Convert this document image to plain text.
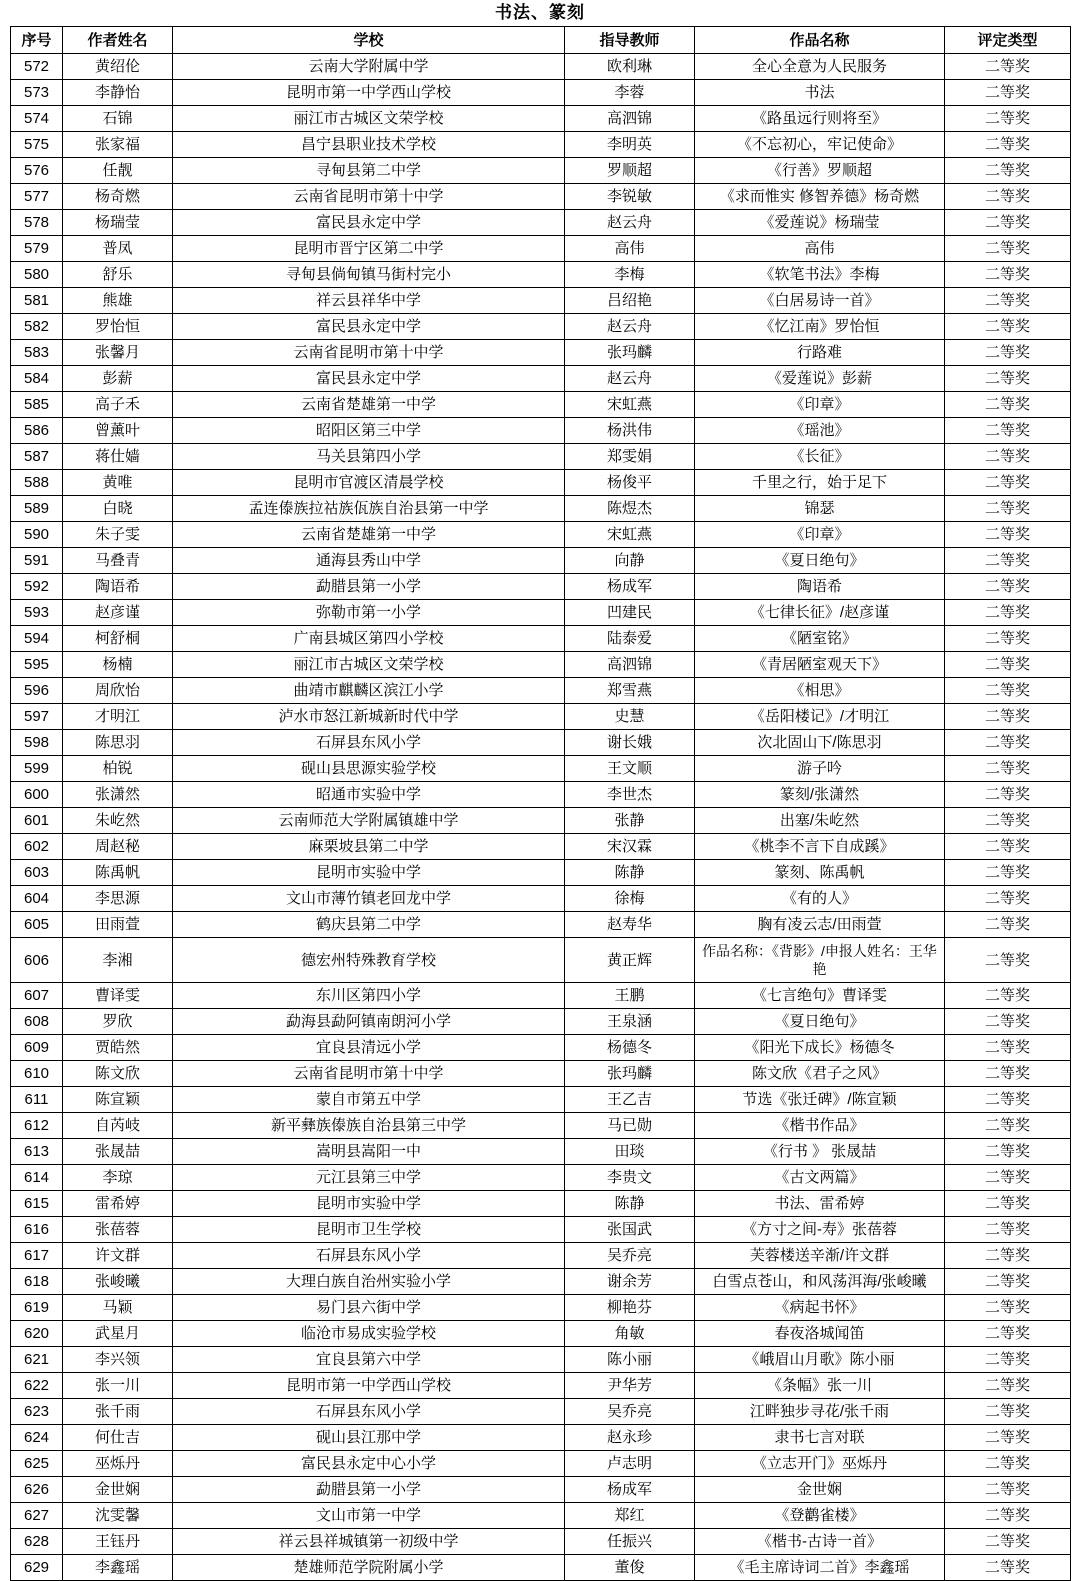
书法、篆刻
序号	作者姓名	学校	指导教师	作品名称	评定类型
572	黄绍伦	云南大学附属中学	欧利琳	全心全意为人民服务	二等奖
573	李静怡	昆明市第一中学西山学校	李蓉	书法	二等奖
574	石锦	丽江市古城区文荣学校	高泗锦	《路虽远行则将至》	二等奖
575	张家福	昌宁县职业技术学校	李明英	《不忘初心，牢记使命》	二等奖
576	任靓	寻甸县第二中学	罗顺超	《行善》罗顺超	二等奖
577	杨奇燃	云南省昆明市第十中学	李锐敏	《求而惟实 修智养德》杨奇燃	二等奖
578	杨瑞莹	富民县永定中学	赵云舟	《爱莲说》杨瑞莹	二等奖
579	普凤	昆明市晋宁区第二中学	高伟	高伟	二等奖
580	舒乐	寻甸县倘甸镇马街村完小	李梅	《软笔书法》李梅	二等奖
581	熊雄	祥云县祥华中学	吕绍艳	《白居易诗一首》	二等奖
582	罗怡恒	富民县永定中学	赵云舟	《忆江南》罗怡恒	二等奖
583	张馨月	云南省昆明市第十中学	张玛麟	行路难	二等奖
584	彭薪	富民县永定中学	赵云舟	《爱莲说》彭薪	二等奖
585	高子禾	云南省楚雄第一中学	宋虹燕	《印章》	二等奖
586	曾薰叶	昭阳区第三中学	杨洪伟	《瑶池》	二等奖
587	蒋仕嫱	马关县第四小学	郑雯娟	《长征》	二等奖
588	黄唯	昆明市官渡区清晨学校	杨俊平	千里之行，始于足下	二等奖
589	白晓	孟连傣族拉祜族佤族自治县第一中学	陈煜杰	锦瑟	二等奖
590	朱子雯	云南省楚雄第一中学	宋虹燕	《印章》	二等奖
591	马叠青	通海县秀山中学	向静	《夏日绝句》	二等奖
592	陶语希	勐腊县第一小学	杨成军	陶语希	二等奖
593	赵彦谨	弥勒市第一小学	凹建民	《七律长征》/赵彦谨	二等奖
594	柯舒桐	广南县城区第四小学校	陆泰爱	《陋室铭》	二等奖
595	杨楠	丽江市古城区文荣学校	高泗锦	《青居陋室观天下》	二等奖
596	周欣怡	曲靖市麒麟区滨江小学	郑雪燕	《相思》	二等奖
597	才明江	泸水市怒江新城新时代中学	史慧	《岳阳楼记》/才明江	二等奖
598	陈思羽	石屏县东风小学	谢长娥	次北固山下/陈思羽	二等奖
599	柏锐	砚山县思源实验学校	王文顺	游子吟	二等奖
600	张潇然	昭通市实验中学	李世杰	篆刻/张潇然	二等奖
601	朱屹然	云南师范大学附属镇雄中学	张静	出塞/朱屹然	二等奖
602	周赵秘	麻栗坡县第二中学	宋汉霖	《桃李不言下自成蹊》	二等奖
603	陈禹帆	昆明市实验中学	陈静	篆刻、陈禹帆	二等奖
604	李思源	文山市薄竹镇老回龙中学	徐梅	《有的人》	二等奖
605	田雨萱	鹤庆县第二中学	赵寿华	胸有凌云志/田雨萱	二等奖
606	李湘	德宏州特殊教育学校	黄正辉	作品名称：《背影》/申报人姓名：王华艳	二等奖
607	曹译雯	东川区第四小学	王鹏	《七言绝句》曹译雯	二等奖
608	罗欣	勐海县勐阿镇南朗河小学	王泉涵	《夏日绝句》	二等奖
609	贾皓然	宜良县清远小学	杨德冬	《阳光下成长》杨德冬	二等奖
610	陈文欣	云南省昆明市第十中学	张玛麟	陈文欣《君子之风》	二等奖
611	陈宣颖	蒙自市第五中学	王乙吉	节选《张迁碑》/陈宣颖	二等奖
612	自芮岐	新平彝族傣族自治县第三中学	马已勋	《楷书作品》	二等奖
613	张晟喆	嵩明县嵩阳一中	田琰	《行书 》 张晟喆	二等奖
614	李琼	元江县第三中学	李贵文	《古文两篇》	二等奖
615	雷希婷	昆明市实验中学	陈静	书法、雷希婷	二等奖
616	张蓓蓉	昆明市卫生学校	张国武	《方寸之间-寿》张蓓蓉	二等奖
617	许文群	石屏县东风小学	吴乔亮	芙蓉楼送辛渐/许文群	二等奖
618	张峻曦	大理白族自治州实验小学	谢余芳	白雪点苍山，和风荡洱海/张峻曦	二等奖
619	马颖	易门县六街中学	柳艳芬	《病起书怀》	二等奖
620	武星月	临沧市易成实验学校	角敏	春夜洛城闻笛	二等奖
621	李兴领	宜良县第六中学	陈小丽	《峨眉山月歌》陈小丽	二等奖
622	张一川	昆明市第一中学西山学校	尹华芳	《条幅》张一川	二等奖
623	张千雨	石屏县东风小学	吴乔亮	江畔独步寻花/张千雨	二等奖
624	何仕吉	砚山县江那中学	赵永珍	隶书七言对联	二等奖
625	巫烁丹	富民县永定中心小学	卢志明	《立志开门》巫烁丹	二等奖
626	金世娴	勐腊县第一小学	杨成军	金世娴	二等奖
627	沈雯馨	文山市第一中学	郑红	《登鹳雀楼》	二等奖
628	王钰丹	祥云县祥城镇第一初级中学	任振兴	《楷书-古诗一首》	二等奖
629	李鑫瑶	楚雄师范学院附属小学	董俊	《毛主席诗词二首》李鑫瑶	二等奖
